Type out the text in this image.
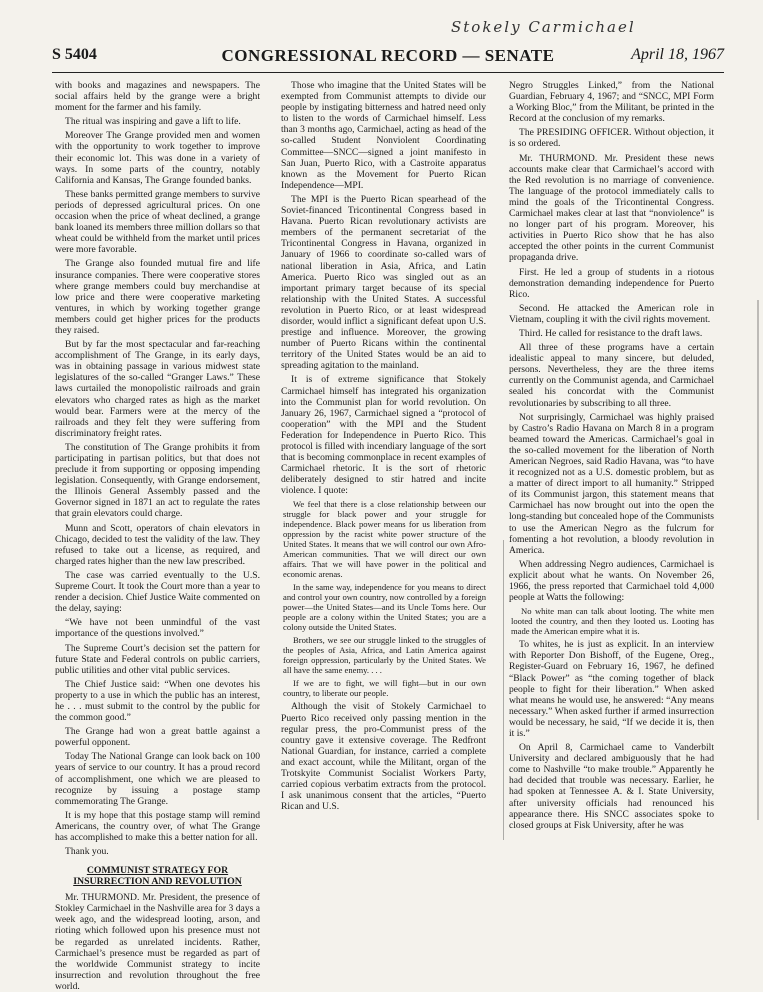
Stokely Carmichael
S 5404	CONGRESSIONAL RECORD — SENATE	April 18, 1967

with books and magazines and newspapers. The social affairs held by the grange were a bright moment for the farmer and his family.

The ritual was inspiring and gave a lift to life.

Moreover The Grange provided men and women with the opportunity to work together to improve their economic lot. This was done in a variety of ways. In some parts of the country, notably California and Kansas, The Grange founded banks.

These banks permitted grange members to survive periods of depressed agricultural prices. On one occasion when the price of wheat declined, a grange bank loaned its members three million dollars so that wheat could be withheld from the market until prices were more favorable.

The Grange also founded mutual fire and life insurance companies. There were cooperative stores where grange members could buy merchandise at low price and there were cooperative marketing ventures, in which by working together grange members could get higher prices for the products they raised.

But by far the most spectacular and far-reaching accomplishment of The Grange, in its early days, was in obtaining passage in various midwest state legislatures of the so-called “Granger Laws.” These laws curtailed the monopolistic railroads and grain elevators who charged rates as high as the market would bear. Farmers were at the mercy of the railroads and they felt they were suffering from discriminatory freight rates.

The constitution of The Grange prohibits it from participating in partisan politics, but that does not preclude it from supporting or opposing impending legislation. Consequently, with Grange endorsement, the Illinois General Assembly passed and the Governor signed in 1871 an act to regulate the rates that grain elevators could charge.

Munn and Scott, operators of chain elevators in Chicago, decided to test the validity of the law. They refused to take out a license, as required, and charged rates higher than the new law prescribed.

The case was carried eventually to the U.S. Supreme Court. It took the Court more than a year to render a decision. Chief Justice Waite commented on the delay, saying:

“We have not been unmindful of the vast importance of the questions involved.”

The Supreme Court’s decision set the pattern for future State and Federal controls on public carriers, public utilities and other vital public services.

The Chief Justice said: “When one devotes his property to a use in which the public has an interest, he . . . must submit to the control by the public for the common good.”

The Grange had won a great battle against a powerful opponent.

Today The National Grange can look back on 100 years of service to our country. It has a proud record of accomplishment, one which we are pleased to recognize by issuing a postage stamp commemorating The Grange.

It is my hope that this postage stamp will remind Americans, the country over, of what The Grange has accomplished to make this a better nation for all.

Thank you.

COMMUNIST STRATEGY FOR INSURRECTION AND REVOLUTION

Mr. THURMOND. Mr. President, the presence of Stokley Carmichael in the Nashville area for 3 days a week ago, and the widespread looting, arson, and rioting which followed upon his presence must not be regarded as unrelated incidents. Rather, Carmichael’s presence must be regarded as part of the worldwide Communist strategy to incite insurrection and revolution throughout the free world.

Those who imagine that the United States will be exempted from Communist attempts to divide our people by instigating bitterness and hatred need only to listen to the words of Carmichael himself. Less than 3 months ago, Carmichael, acting as head of the so-called Student Nonviolent Coordinating Committee—SNCC—signed a joint manifesto in San Juan, Puerto Rico, with a Castroite apparatus known as the Movement for Puerto Rican Independence—MPI.

The MPI is the Puerto Rican spearhead of the Soviet-financed Tricontinental Congress based in Havana. Puerto Rican revolutionary activists are members of the permanent secretariat of the Tricontinental Congress in Havana, organized in January of 1966 to coordinate so-called wars of national liberation in Asia, Africa, and Latin America. Puerto Rico was singled out as an important primary target because of its special relationship with the United States. A successful revolution in Puerto Rico, or at least widespread disorder, would inflict a significant defeat upon U.S. prestige and influence. Moreover, the growing number of Puerto Ricans within the continental territory of the United States would be an aid to spreading agitation to the mainland.

It is of extreme significance that Stokely Carmichael himself has integrated his organization into the Communist plan for world revolution. On January 26, 1967, Carmichael signed a “protocol of cooperation” with the MPI and the Student Federation for Independence in Puerto Rico. This protocol is filled with incendiary language of the sort that is becoming commonplace in recent examples of Carmichael rhetoric. It is the sort of rhetoric deliberately designed to stir hatred and incite violence. I quote:

We feel that there is a close relationship between our struggle for black power and your struggle for independence. Black power means for us liberation from oppression by the racist white power structure of the United States. It means that we will control our own Afro-American communities. That we will direct our own affairs. That we will have power in the political and economic arenas.

In the same way, independence for you means to direct and control your own country, now controlled by a foreign power—the United States—and its Uncle Toms here. Our people are a colony within the United States; you are a colony outside the United States.

Brothers, we see our struggle linked to the struggles of the peoples of Asia, Africa, and Latin America against foreign oppression, particularly by the United States. We all have the same enemy. . . .

If we are to fight, we will fight—but in our own country, to liberate our people.

Although the visit of Stokely Carmichael to Puerto Rico received only passing mention in the regular press, the pro-Communist press of the country gave it extensive coverage. The Redfront National Guardian, for instance, carried a complete and exact account, while the Militant, organ of the Trotskyite Communist Socialist Workers Party, carried copious verbatim extracts from the protocol. I ask unanimous consent that the articles, “Puerto Rican and U.S.

Negro Struggles Linked,” from the National Guardian, February 4, 1967; and “SNCC, MPI Form a Working Bloc,” from the Militant, be printed in the Record at the conclusion of my remarks.

The PRESIDING OFFICER. Without objection, it is so ordered.

Mr. THURMOND. Mr. President these news accounts make clear that Carmichael’s accord with the Red revolution is no marriage of convenience. The language of the protocol immediately calls to mind the goals of the Tricontinental Congress. Carmichael makes clear at last that “nonviolence” is no longer part of his program. Moreover, his activities in Puerto Rico show that he has also accepted the other points in the current Communist propaganda drive.

First. He led a group of students in a riotous demonstration demanding independence for Puerto Rico.

Second. He attacked the American role in Vietnam, coupling it with the civil rights movement.

Third. He called for resistance to the draft laws.

All three of these programs have a certain idealistic appeal to many sincere, but deluded, persons. Nevertheless, they are the three items currently on the Communist agenda, and Carmichael sealed his concordat with the Communist revolutionaries by subscribing to all three.

Not surprisingly, Carmichael was highly praised by Castro’s Radio Havana on March 8 in a program beamed toward the Americas. Carmichael’s goal in the so-called movement for the liberation of North American Negroes, said Radio Havana, was “to have it recognized not as a U.S. domestic problem, but as a matter of direct import to all humanity.” Stripped of its Communist jargon, this statement means that Carmichael has now brought out into the open the long-standing but concealed hope of the Communists to use the American Negro as the fulcrum for fomenting a hot revolution, a bloody revolution in America.

When addressing Negro audiences, Carmichael is explicit about what he wants. On November 26, 1966, the press reported that Carmichael told 4,000 people at Watts the following:

No white man can talk about looting. The white men looted the country, and then they looted us. Looting has made the American empire what it is.

To whites, he is just as explicit. In an interview with Reporter Don Bishoff, of the Eugene, Oreg., Register-Guard on February 16, 1967, he defined “Black Power” as “the coming together of black people to fight for their liberation.” When asked what means he would use, he answered: “Any means necessary.” When asked further if armed insurrection would be necessary, he said, “If we decide it is, then it is.”

On April 8, Carmichael came to Vanderbilt University and declared ambiguously that he had come to Nashville “to make trouble.” Apparently he had decided that trouble was necessary. Earlier, he had spoken at Tennessee A. & I. State University, after university officials had renounced his appearance there. His SNCC associates spoke to closed groups at Fisk University, after he was
